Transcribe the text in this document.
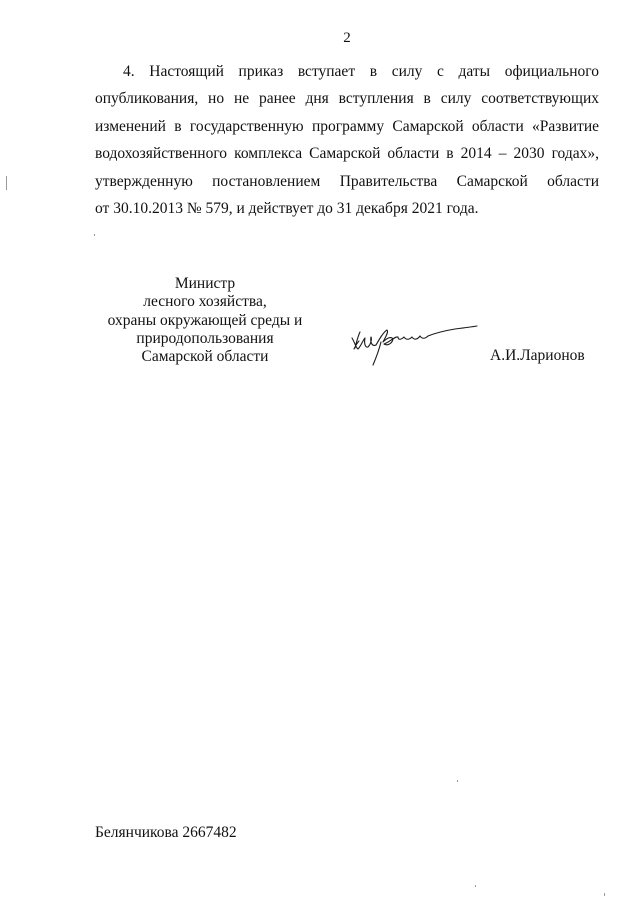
2
4. Настоящий приказ вступает в силу с даты официального
опубликования, но не ранее дня вступления в силу соответствующих
изменений в государственную программу Самарской области «Развитие
водохозяйственного комплекса Самарской области в 2014 – 2030 годах»,
утвержденную постановлением Правительства Самарской области
от 30.10.2013 № 579, и действует до 31 декабря 2021 года.
Министр
лесного хозяйства,
охраны окружающей среды и
природопользования
Самарской области	А.И.Ларионов
Белянчикова 2667482
